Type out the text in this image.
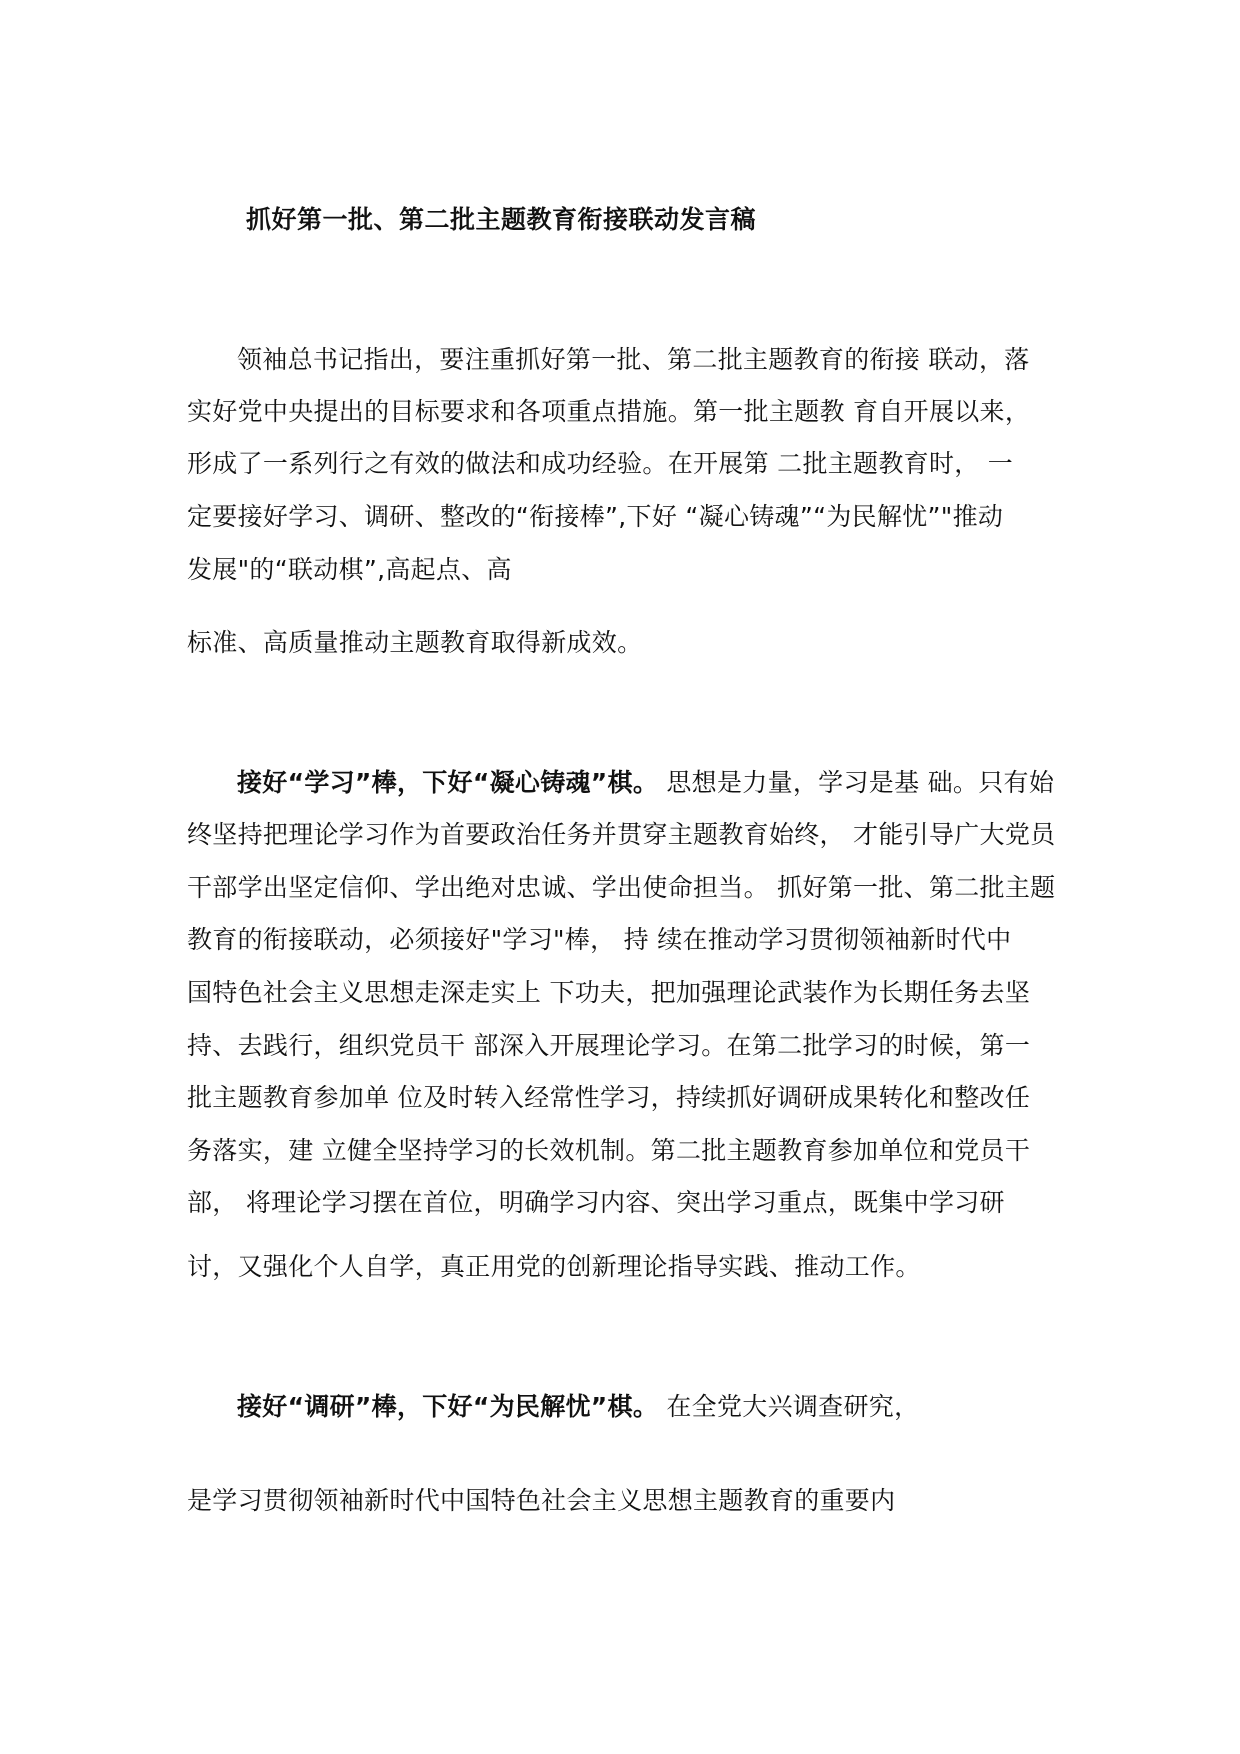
抓好第一批、第二批主题教育衔接联动发言稿
领袖总书记指出，要注重抓好第一批、第二批主题教育的衔接 联动，落
实好党中央提出的目标要求和各项重点措施。第一批主题教 育自开展以来，
形成了一系列行之有效的做法和成功经验。在开展第 二批主题教育时， 一
定要接好学习、调研、整改的“衔接棒”,下好 “凝心铸魂”“为民解忧”"推动
发展"的“联动棋”,高起点、高
标准、高质量推动主题教育取得新成效。
接好“学习”棒，下好“凝心铸魂”棋。 思想是力量，学习是基 础。只有始
终坚持把理论学习作为首要政治任务并贯穿主题教育始终， 才能引导广大党员
干部学出坚定信仰、学出绝对忠诚、学出使命担当。 抓好第一批、第二批主题
教育的衔接联动，必须接好"学习"棒， 持 续在推动学习贯彻领袖新时代中
国特色社会主义思想走深走实上 下功夫，把加强理论武装作为长期任务去坚
持、去践行，组织党员干 部深入开展理论学习。在第二批学习的时候，第一
批主题教育参加单 位及时转入经常性学习，持续抓好调研成果转化和整改任
务落实，建 立健全坚持学习的长效机制。第二批主题教育参加单位和党员干
部， 将理论学习摆在首位，明确学习内容、突出学习重点，既集中学习研
讨，又强化个人自学，真正用党的创新理论指导实践、推动工作。
接好“调研”棒，下好“为民解忧”棋。 在全党大兴调查研究，
是学习贯彻领袖新时代中国特色社会主义思想主题教育的重要内
